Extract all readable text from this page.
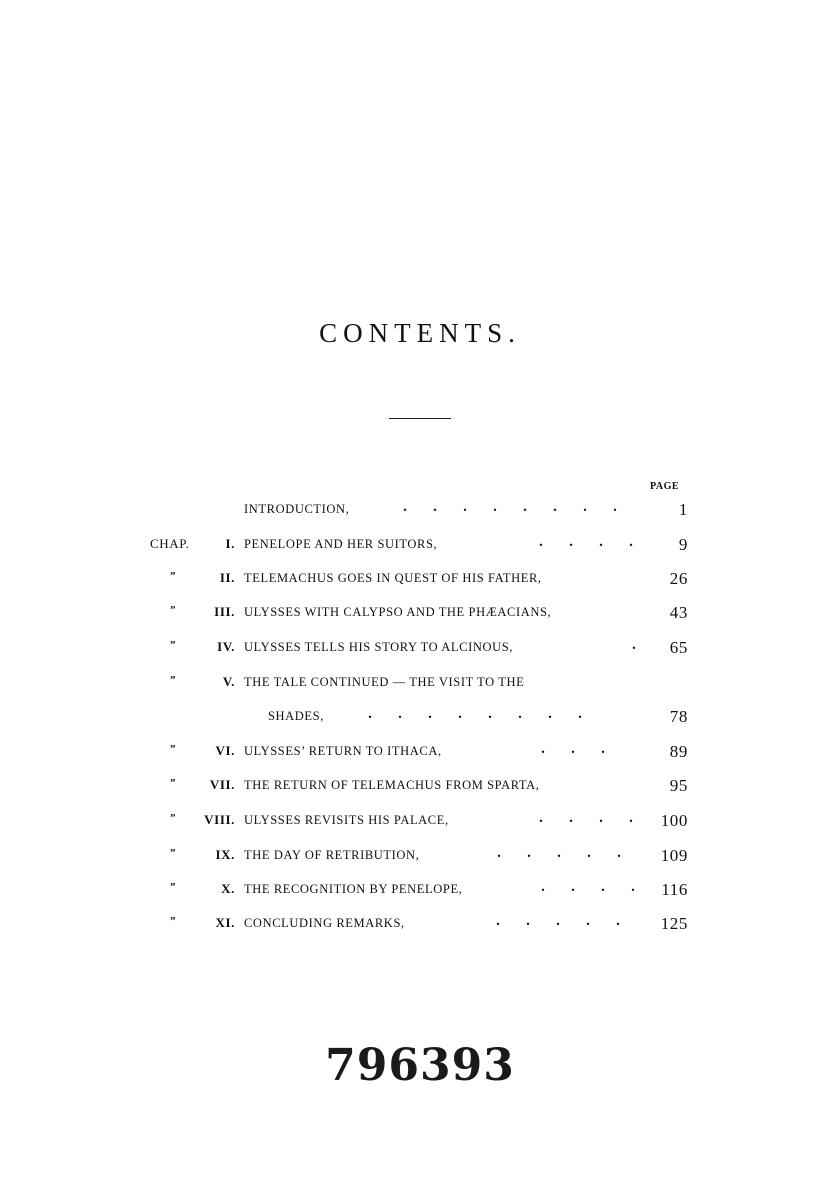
CONTENTS.
PAGE
INTRODUCTION,	. . . . . . . .	1
CHAP.	I. PENELOPE AND HER SUITORS,	. . . .	9
”	II. TELEMACHUS GOES IN QUEST OF HIS FATHER,	26
”	III. ULYSSES WITH CALYPSO AND THE PHÆACIANS,	43
”	IV. ULYSSES TELLS HIS STORY TO ALCINOUS,	.	65
”	V. THE TALE CONTINUED — THE VISIT TO THE
SHADES,	. . . . . . . .	78
”	VI. ULYSSES’ RETURN TO ITHACA,	. . .	89
”	VII. THE RETURN OF TELEMACHUS FROM SPARTA,	95
” VIII. ULYSSES REVISITS HIS PALACE,	. . . .	100
”	IX. THE DAY OF RETRIBUTION,	. . . . .	109
”	X. THE RECOGNITION BY PENELOPE,	. . . .	116
”	XI. CONCLUDING REMARKS,	. . . . .	125
796393
